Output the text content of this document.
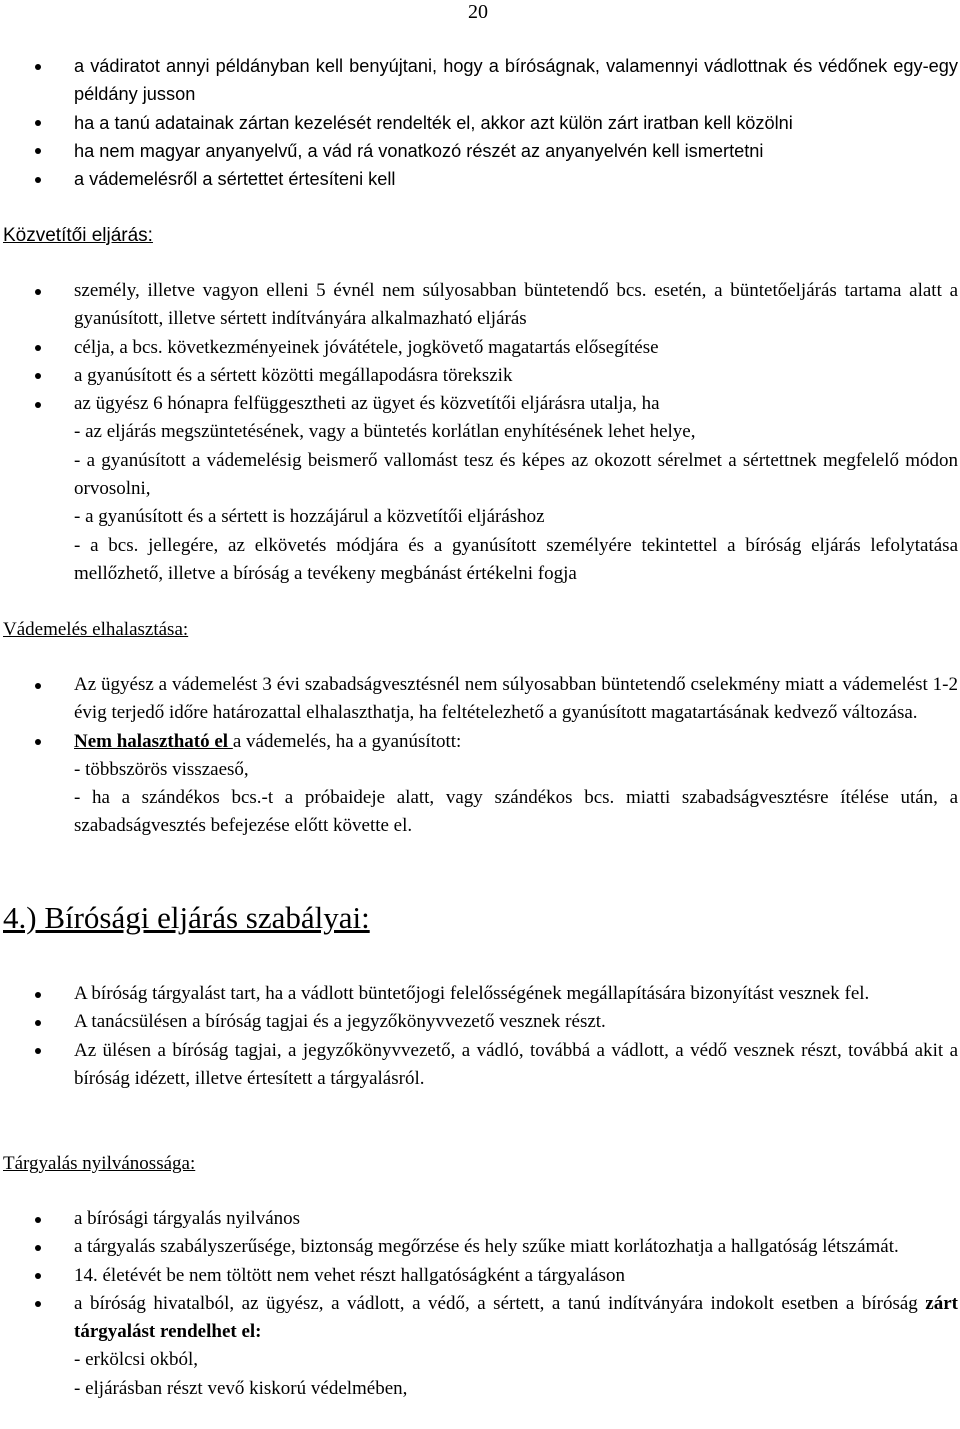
20
a vádiratot annyi példányban kell benyújtani, hogy a bíróságnak, valamennyi vádlottnak és védőnek egy-egy példány jusson
ha a tanú adatainak zártan kezelését rendelték el, akkor azt külön zárt iratban kell közölni
ha nem magyar anyanyelvű, a vád rá vonatkozó részét az anyanyelvén kell ismertetni
a vádemelésről a sértettet értesíteni kell
Közvetítői eljárás:
személy, illetve vagyon elleni 5 évnél nem súlyosabban büntetendő bcs. esetén, a büntetőeljárás tartama alatt a gyanúsított, illetve sértett indítványára alkalmazható eljárás
célja, a bcs. következményeinek jóvátétele, jogkövető magatartás elősegítése
a gyanúsított és a sértett közötti megállapodásra törekszik
az ügyész 6 hónapra felfüggesztheti az ügyet és közvetítői eljárásra utalja, ha
- az eljárás megszüntetésének, vagy a büntetés korlátlan enyhítésének lehet helye,
- a gyanúsított a vádemelésig beismerő vallomást tesz és képes az okozott sérelmet a sértettnek megfelelő módon orvosolni,
- a gyanúsított és a sértett is hozzájárul a közvetítői eljáráshoz
- a bcs. jellegére, az elkövetés módjára és a gyanúsított személyére tekintettel a bíróság eljárás lefolytatása mellőzhető, illetve a bíróság a tevékeny megbánást értékelni fogja
Vádemelés elhalasztása:
Az ügyész a vádemelést 3 évi szabadságvesztésnél nem súlyosabban büntetendő cselekmény miatt a vádemelést 1-2 évig terjedő időre határozattal elhalaszthatja, ha feltételezhető a gyanúsított magatartásának kedvező változása.
Nem halasztható el a vádemelés, ha a gyanúsított:
- többszörös visszaeső,
- ha a szándékos bcs.-t a próbaideje alatt, vagy szándékos bcs. miatti szabadságvesztésre ítélése után, a szabadságvesztés befejezése előtt követte el.
4.) Bírósági eljárás szabályai:
A bíróság tárgyalást tart, ha a vádlott büntetőjogi felelősségének megállapítására bizonyítást vesznek fel.
A tanácsülésen a bíróság tagjai és a jegyzőkönyvvezető vesznek részt.
Az ülésen a bíróság tagjai, a jegyzőkönyvvezető, a vádló, továbbá a vádlott, a védő vesznek részt, továbbá akit a bíróság idézett, illetve értesített a tárgyalásról.
Tárgyalás nyilvánossága:
a bírósági tárgyalás nyilvános
a tárgyalás szabályszerűsége, biztonság megőrzése és hely szűke miatt korlátozhatja a hallgatóság létszámát.
14. életévét be nem töltött nem vehet részt hallgatóságként a tárgyaláson
a bíróság hivatalból, az ügyész, a vádlott, a védő, a sértett, a tanú indítványára indokolt esetben a bíróság zárt tárgyalást rendelhet el:
- erkölcsi okból,
- eljárásban részt vevő kiskorú védelmében,
